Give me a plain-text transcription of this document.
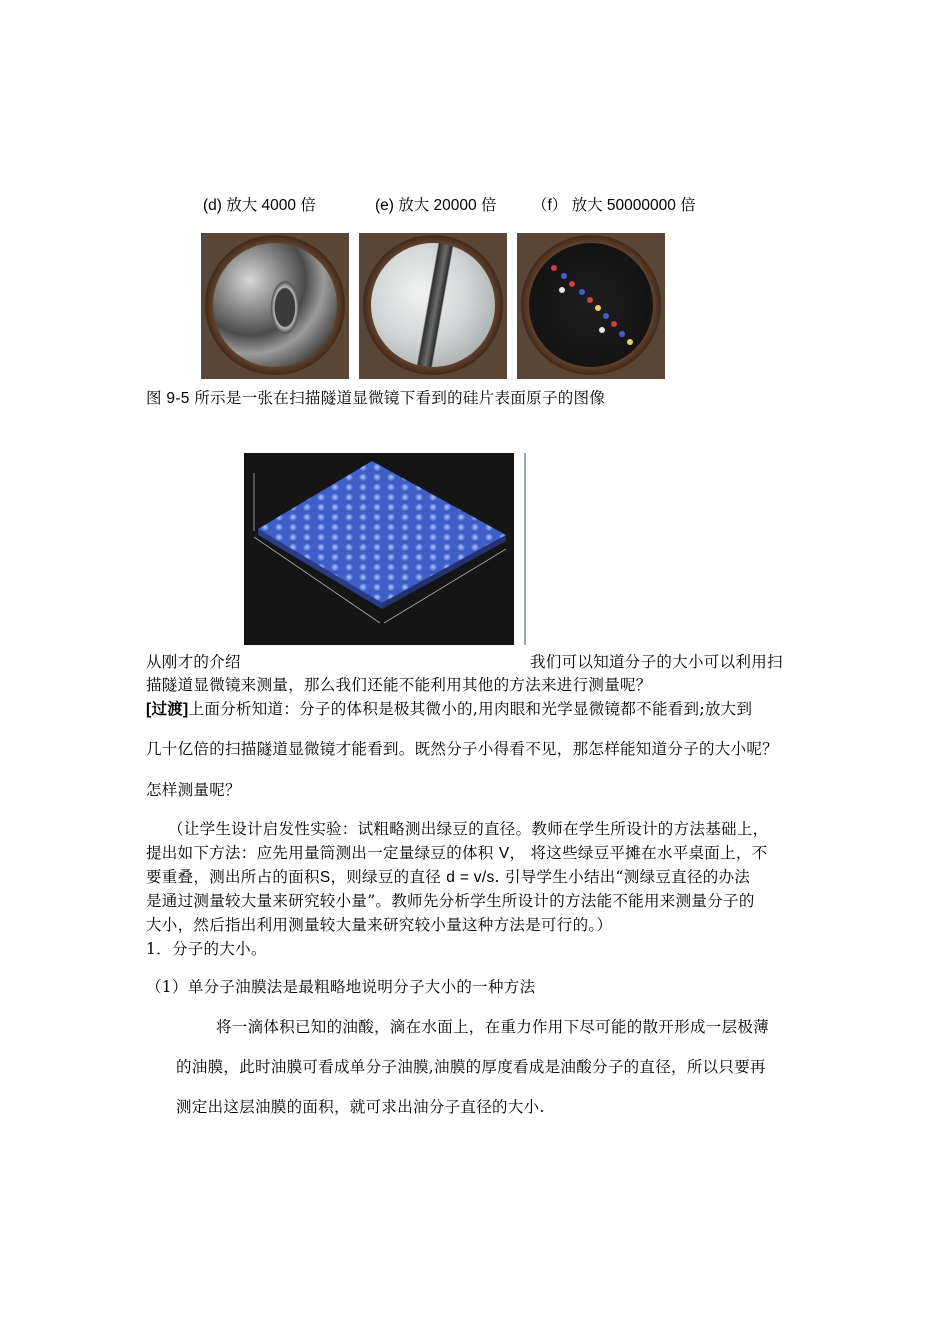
(d) 放大 4000 倍	(e) 放大 20000 倍 （f） 放大 50000000 倍
图 9-5 所示是一张在扫描隧道显微镜下看到的硅片表面原子的图像
从刚才的介绍	我们可以知道分子的大小可以利用扫
描隧道显微镜来测量，那么我们还能不能利用其他的方法来进行测量呢？
[过渡]上面分析知道：分子的体积是极其微小的,用肉眼和光学显微镜都不能看到;放大到
几十亿倍的扫描隧道显微镜才能看到。既然分子小得看不见，那怎样能知道分子的大小呢？
怎样测量呢？
（让学生设计启发性实验：试粗略测出绿豆的直径。教师在学生所设计的方法基础上，
提出如下方法：应先用量筒测出一定量绿豆的体积 V， 将这些绿豆平摊在水平桌面上，不
要重叠，测出所占的面积S，则绿豆的直径 d = v/s. 引导学生小结出“测绿豆直径的办法
是通过测量较大量来研究较小量”。教师先分析学生所设计的方法能不能用来测量分子的
大小，然后指出利用测量较大量来研究较小量这种方法是可行的。）
1．分子的大小。
（1）单分子油膜法是最粗略地说明分子大小的一种方法
将一滴体积已知的油酸，滴在水面上，在重力作用下尽可能的散开形成一层极薄
的油膜，此时油膜可看成单分子油膜,油膜的厚度看成是油酸分子的直径，所以只要再
测定出这层油膜的面积，就可求出油分子直径的大小.
